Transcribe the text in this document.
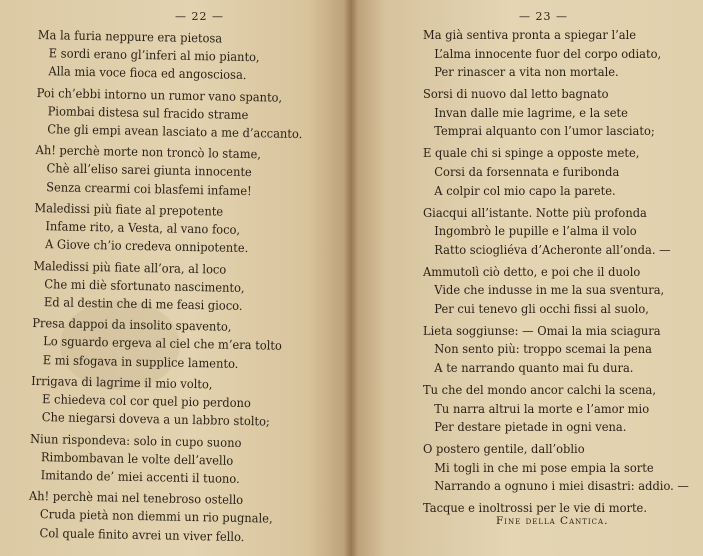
— 22 —
Ma la furia neppure era pietosa
E sordi erano gl’inferi al mio pianto,
Alla mia voce fioca ed angosciosa.
Poi ch’ebbi intorno un rumor vano spanto,
Piombai distesa sul fracido strame
Che gli empi avean lasciato a me d’accanto.
Ah! perchè morte non troncò lo stame,
Chè all’eliso sarei giunta innocente
Senza crearmi coi blasfemi infame!
Maledissi più fiate al prepotente
Infame rito, a Vesta, al vano foco,
A Giove ch’io credeva onnipotente.
Maledissi più fiate all’ora, al loco
Che mi diè sfortunato nascimento,
Ed al destin che di me feasi gioco.
Presa dappoi da insolito spavento,
Lo sguardo ergeva al ciel che m’era tolto
E mi sfogava in supplice lamento.
Irrigava di lagrime il mio volto,
E chiedeva col cor quel pio perdono
Che niegarsi doveva a un labbro stolto;
Niun rispondeva: solo in cupo suono
Rimbombavan le volte dell’avello
Imitando de’ miei accenti il tuono.
Ah! perchè mai nel tenebroso ostello
Cruda pietà non diemmi un rio pugnale,
Col quale finito avrei un viver fello.
— 23 —
Ma già sentiva pronta a spiegar l’ale
L’alma innocente fuor del corpo odiato,
Per rinascer a vita non mortale.
Sorsi di nuovo dal letto bagnato
Invan dalle mie lagrime, e la sete
Temprai alquanto con l’umor lasciato;
E quale chi si spinge a opposte mete,
Corsi da forsennata e furibonda
A colpir col mio capo la parete.
Giacqui all’istante. Notte più profonda
Ingombrò le pupille e l’alma il volo
Ratto sciogliéva d’Acheronte all’onda. —
Ammutolì ciò detto, e poi che il duolo
Vide che indusse in me la sua sventura,
Per cui tenevo gli occhi fissi al suolo,
Lieta soggiunse: — Omai la mia sciagura
Non sento più: troppo scemai la pena
A te narrando quanto mai fu dura.
Tu che del mondo ancor calchi la scena,
Tu narra altrui la morte e l’amor mio
Per destare pietade in ogni vena.
O postero gentile, dall’oblio
Mi togli in che mi pose empia la sorte
Narrando a ognuno i miei disastri: addio. —
Tacque e inoltrossi per le vie di morte.
Fine della Cantica.
